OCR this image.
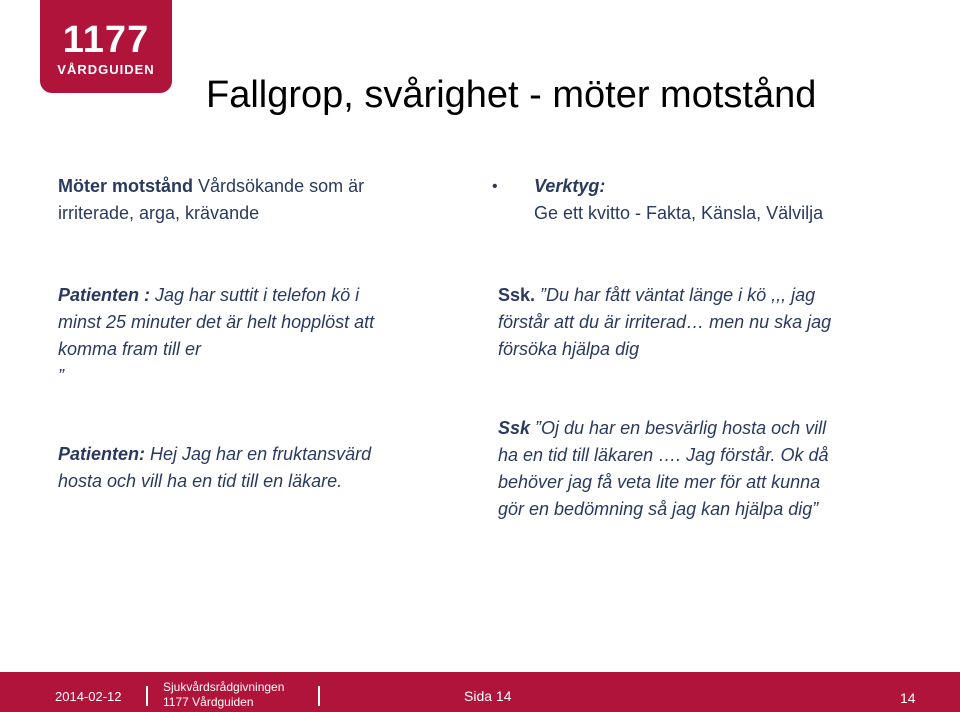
1177
VÅRDGUIDEN
Fallgrop, svårighet - möter motstånd
Möter motstånd Vårdsökande som är
irriterade, arga, krävande
• Verktyg:
Ge ett kvitto - Fakta, Känsla, Välvilja
Patienten : Jag har suttit i telefon kö i
minst 25 minuter det är helt hopplöst att
komma fram till er
”
Ssk. ”Du har fått väntat länge i kö ,,, jag
förstår att du är irriterad… men nu ska jag
försöka hjälpa dig
Patienten: Hej Jag har en fruktansvärd
hosta och vill ha en tid till en läkare.
Ssk ”Oj du har en besvärlig hosta och vill
ha en tid till läkaren …. Jag förstår. Ok då
behöver jag få veta lite mer för att kunna
gör en bedömning så jag kan hjälpa dig”
2014-02-12
Sjukvårdsrådgivningen
1177 Vårdguiden	Sida 14	14
